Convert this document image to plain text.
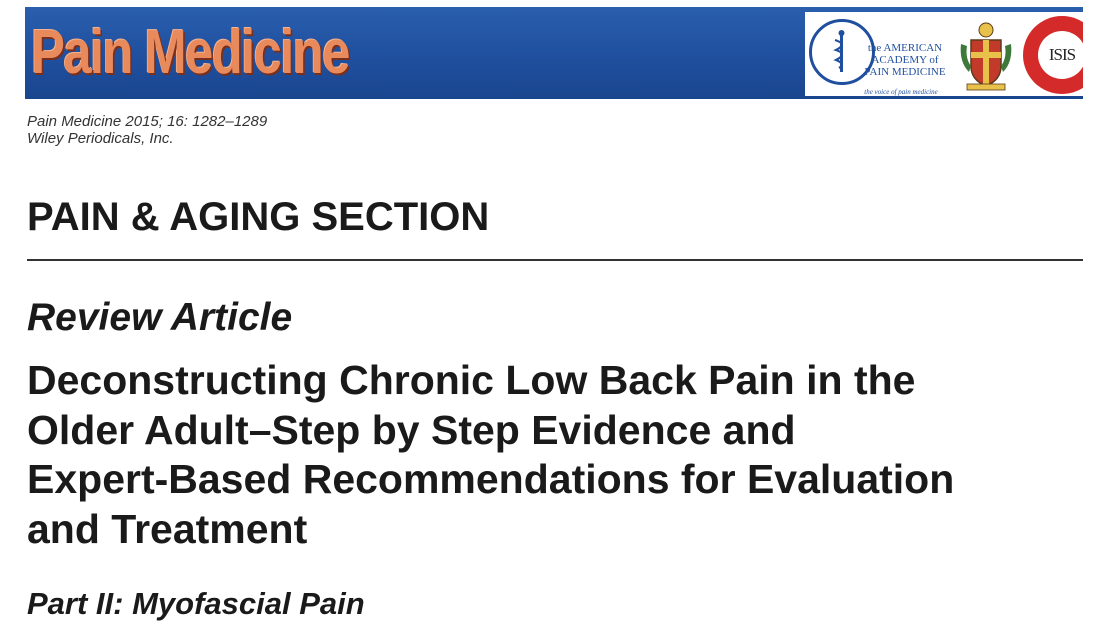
Pain Medicine	the AMERICAN
ACADEMY of
PAIN MEDICINE
the voice of pain medicine
ISIS
Pain Medicine 2015; 16: 1282–1289
Wiley Periodicals, Inc.
PAIN & AGING SECTION
Review Article
Deconstructing Chronic Low Back Pain in the
Older Adult–Step by Step Evidence and
Expert-Based Recommendations for Evaluation
and Treatment
Part II: Myofascial Pain
